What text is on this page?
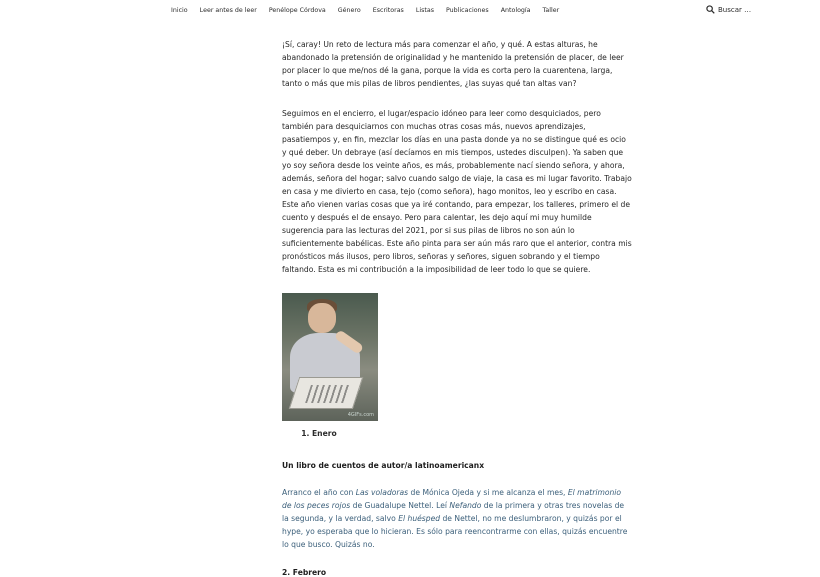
Inicio Leer antes de leer Penélope Córdova Género Escritoras Listas Publicaciones Antología Taller	Buscar …

¡Sí, caray! Un reto de lectura más para comenzar el año, y qué. A estas alturas, he abandonado la pretensión de originalidad y he mantenido la pretensión de placer, de leer por placer lo que me/nos dé la gana, porque la vida es corta pero la cuarentena, larga, tanto o más que mis pilas de libros pendientes, ¿las suyas qué tan altas van?

Seguimos en el encierro, el lugar/espacio idóneo para leer como desquiciados, pero también para desquiciarnos con muchas otras cosas más, nuevos aprendizajes, pasatiempos y, en fin, mezclar los días en una pasta donde ya no se distingue qué es ocio y qué deber. Un debraye (así decíamos en mis tiempos, ustedes disculpen). Ya saben que yo soy señora desde los veinte años, es más, probablemente nací siendo señora, y ahora, además, señora del hogar; salvo cuando salgo de viaje, la casa es mi lugar favorito. Trabajo en casa y me divierto en casa, tejo (como señora), hago monitos, leo y escribo en casa. Este año vienen varias cosas que ya iré contando, para empezar, los talleres, primero el de cuento y después el de ensayo. Pero para calentar, les dejo aquí mi muy humilde sugerencia para las lecturas del 2021, por si sus pilas de libros no son aún lo suficientemente babélicas. Este año pinta para ser aún más raro que el anterior, contra mis pronósticos más ilusos, pero libros, señoras y señores, siguen sobrando y el tiempo faltando. Esta es mi contribución a la imposibilidad de leer todo lo que se quiere.

4GIFs.com
1. Enero

Un libro de cuentos de autor/a latinoamericanx

Arranco el año con Las voladoras de Mónica Ojeda y si me alcanza el mes, El matrimonio de los peces rojos de Guadalupe Nettel. Leí Nefando de la primera y otras tres novelas de la segunda, y la verdad, salvo El huésped de Nettel, no me deslumbraron, y quizás por el hype, yo esperaba que lo hicieran. Es sólo para reencontrarme con ellas, quizás encuentre lo que busco. Quizás no.

2. Febrero
